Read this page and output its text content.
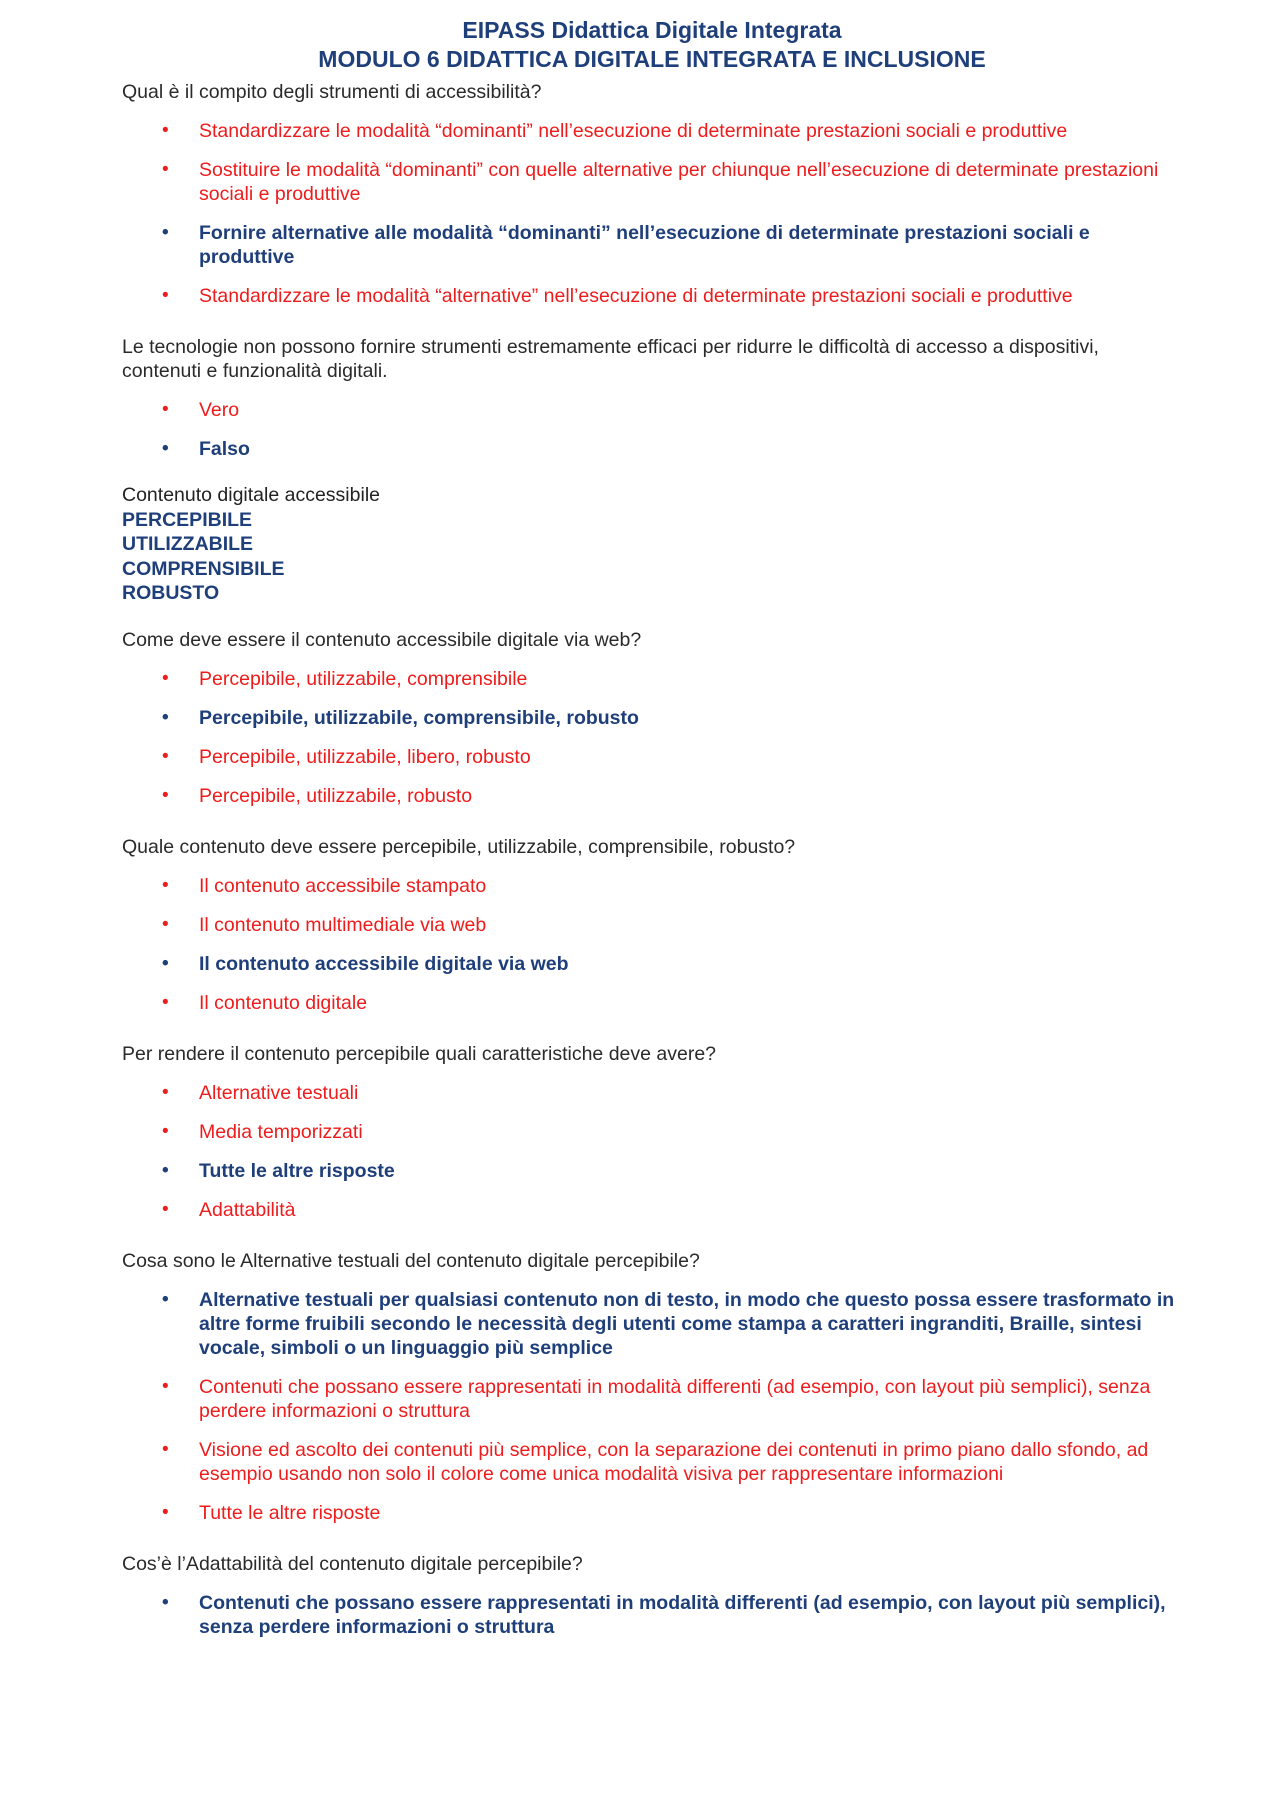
EIPASS Didattica Digitale Integrata
MODULO 6 DIDATTICA DIGITALE INTEGRATA E INCLUSIONE

Qual è il compito degli strumenti di accessibilità?

• Standardizzare le modalità “dominanti” nell’esecuzione di determinate prestazioni sociali e produttive
• Sostituire le modalità “dominanti” con quelle alternative per chiunque nell’esecuzione di determinate prestazioni sociali e produttive
• Fornire alternative alle modalità “dominanti” nell’esecuzione di determinate prestazioni sociali e produttive
• Standardizzare le modalità “alternative” nell’esecuzione di determinate prestazioni sociali e produttive

Le tecnologie non possono fornire strumenti estremamente efficaci per ridurre le difficoltà di accesso a dispositivi, contenuti e funzionalità digitali.

• Vero
• Falso
Contenuto digitale accessibile
PERCEPIBILE
UTILIZZABILE
COMPRENSIBILE
ROBUSTO

Come deve essere il contenuto accessibile digitale via web?

• Percepibile, utilizzabile, comprensibile
• Percepibile, utilizzabile, comprensibile, robusto
• Percepibile, utilizzabile, libero, robusto
• Percepibile, utilizzabile, robusto

Quale contenuto deve essere percepibile, utilizzabile, comprensibile, robusto?

• Il contenuto accessibile stampato
• Il contenuto multimediale via web
• Il contenuto accessibile digitale via web
• Il contenuto digitale

Per rendere il contenuto percepibile quali caratteristiche deve avere?

• Alternative testuali
• Media temporizzati
• Tutte le altre risposte
• Adattabilità

Cosa sono le Alternative testuali del contenuto digitale percepibile?

• Alternative testuali per qualsiasi contenuto non di testo, in modo che questo possa essere trasformato in altre forme fruibili secondo le necessità degli utenti come stampa a caratteri ingranditi, Braille, sintesi vocale, simboli o un linguaggio più semplice
• Contenuti che possano essere rappresentati in modalità differenti (ad esempio, con layout più semplici), senza perdere informazioni o struttura
• Visione ed ascolto dei contenuti più semplice, con la separazione dei contenuti in primo piano dallo sfondo, ad esempio usando non solo il colore come unica modalità visiva per rappresentare informazioni
• Tutte le altre risposte

Cos’è l’Adattabilità del contenuto digitale percepibile?

• Contenuti che possano essere rappresentati in modalità differenti (ad esempio, con layout più semplici), senza perdere informazioni o struttura
